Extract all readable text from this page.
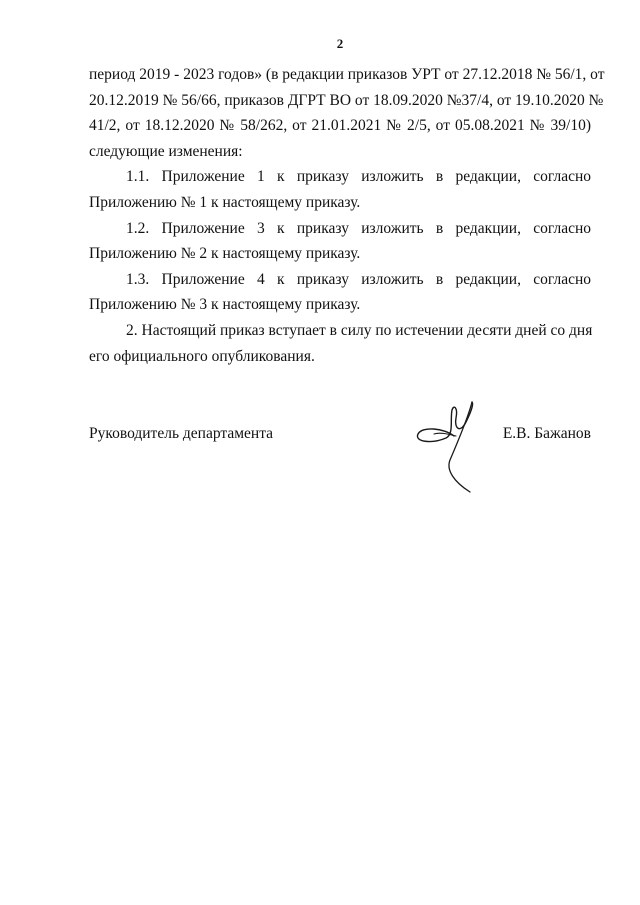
2
период 2019 - 2023 годов» (в редакции приказов УРТ от 27.12.2018 № 56/1, от
20.12.2019 № 56/66, приказов ДГРТ ВО от 18.09.2020 №37/4, от 19.10.2020 №
41/2, от 18.12.2020 № 58/262, от 21.01.2021 № 2/5, от 05.08.2021 № 39/10)
следующие изменения:
1.1. Приложение 1 к приказу изложить в редакции, согласно
Приложению № 1 к настоящему приказу.
1.2. Приложение 3 к приказу изложить в редакции, согласно
Приложению № 2 к настоящему приказу.
1.3. Приложение 4 к приказу изложить в редакции, согласно
Приложению № 3 к настоящему приказу.
2. Настоящий приказ вступает в силу по истечении десяти дней со дня
его официального опубликования.
Руководитель департамента	Е.В. Бажанов
